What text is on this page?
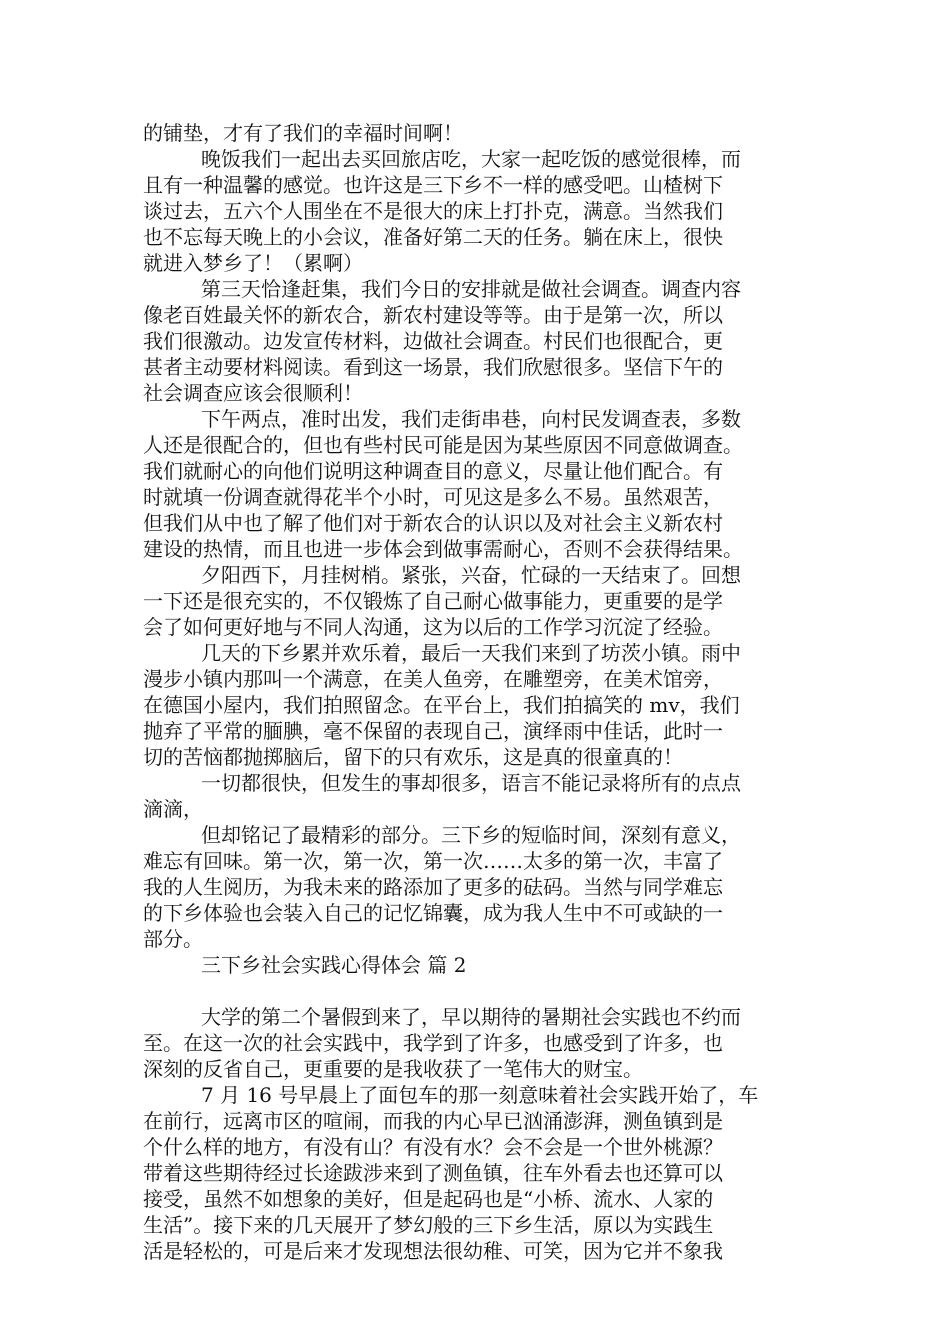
的铺垫，才有了我们的幸福时间啊！
晚饭我们一起出去买回旅店吃，大家一起吃饭的感觉很棒，而
且有一种温馨的感觉。也许这是三下乡不一样的感受吧。山楂树下
谈过去，五六个人围坐在不是很大的床上打扑克，满意。当然我们
也不忘每天晚上的小会议，准备好第二天的任务。躺在床上，很快
就进入梦乡了！（累啊）
第三天恰逢赶集，我们今日的安排就是做社会调查。调查内容
像老百姓最关怀的新农合，新农村建设等等。由于是第一次，所以
我们很激动。边发宣传材料，边做社会调查。村民们也很配合，更
甚者主动要材料阅读。看到这一场景，我们欣慰很多。坚信下午的
社会调查应该会很顺利！
下午两点，准时出发，我们走街串巷，向村民发调查表，多数
人还是很配合的，但也有些村民可能是因为某些原因不同意做调查。
我们就耐心的向他们说明这种调查目的意义，尽量让他们配合。有
时就填一份调查就得花半个小时，可见这是多么不易。虽然艰苦，
但我们从中也了解了他们对于新农合的认识以及对社会主义新农村
建设的热情，而且也进一步体会到做事需耐心，否则不会获得结果。
夕阳西下，月挂树梢。紧张，兴奋，忙碌的一天结束了。回想
一下还是很充实的，不仅锻炼了自己耐心做事能力，更重要的是学
会了如何更好地与不同人沟通，这为以后的工作学习沉淀了经验。
几天的下乡累并欢乐着，最后一天我们来到了坊茨小镇。雨中
漫步小镇内那叫一个满意，在美人鱼旁，在雕塑旁，在美术馆旁，
在德国小屋内，我们拍照留念。在平台上，我们拍搞笑的 mv，我们
抛弃了平常的腼腆，毫不保留的表现自己，演绎雨中佳话，此时一
切的苦恼都抛掷脑后，留下的只有欢乐，这是真的很童真的！
一切都很快，但发生的事却很多，语言不能记录将所有的点点
滴滴，
但却铭记了最精彩的部分。三下乡的短临时间，深刻有意义，
难忘有回味。第一次，第一次，第一次……太多的第一次，丰富了
我的人生阅历，为我未来的路添加了更多的砝码。当然与同学难忘
的下乡体验也会装入自己的记忆锦囊，成为我人生中不可或缺的一
部分。
三下乡社会实践心得体会 篇 2
大学的第二个暑假到来了，早以期待的暑期社会实践也不约而
至。在这一次的社会实践中，我学到了许多，也感受到了许多，也
深刻的反省自己，更重要的是我收获了一笔伟大的财宝。
7 月 16 号早晨上了面包车的那一刻意味着社会实践开始了，车
在前行，远离市区的喧闹，而我的内心早已汹涌澎湃，测鱼镇到是
个什么样的地方，有没有山？有没有水？会不会是一个世外桃源？
带着这些期待经过长途跋涉来到了测鱼镇，往车外看去也还算可以
接受，虽然不如想象的美好，但是起码也是“小桥、流水、人家的
生活”。接下来的几天展开了梦幻般的三下乡生活，原以为实践生
活是轻松的，可是后来才发现想法很幼稚、可笑，因为它并不象我
